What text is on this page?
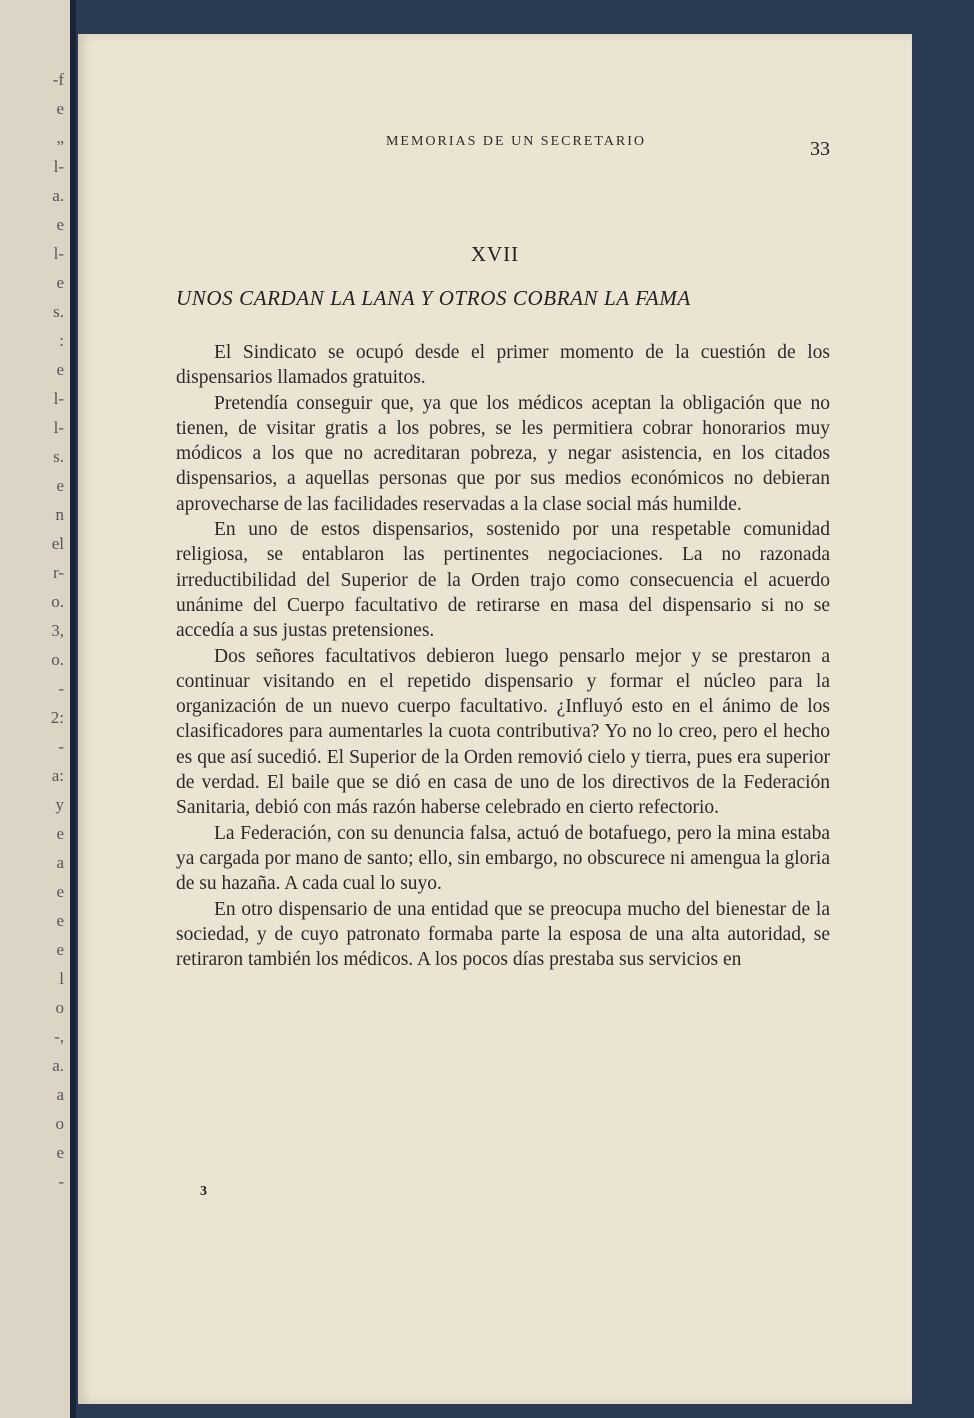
-f
e
„
l-
a.
e
l-
e
s.
:
e
l-
l-
s.
e
n
el
r-
o.
3,
o.
-
2:
-
a:
y
e
a
e
e
e
l
o
-,
a.
a
o
e
-
MEMORIAS DE UN SECRETARIO	33
XVII
UNOS CARDAN LA LANA Y OTROS COBRAN LA FAMA

El Sindicato se ocupó desde el primer momento de la cuestión de los dispensarios llamados gratuitos.

Pretendía conseguir que, ya que los médicos aceptan la obligación que no tienen, de visitar gratis a los pobres, se les permitiera cobrar honorarios muy módicos a los que no acreditaran pobreza, y negar asistencia, en los citados dispensarios, a aquellas personas que por sus medios económicos no debieran aprovecharse de las facilidades reservadas a la clase social más humilde.

En uno de estos dispensarios, sostenido por una respetable comunidad religiosa, se entablaron las pertinentes negociaciones. La no razonada irreductibilidad del Superior de la Orden trajo como consecuencia el acuerdo unánime del Cuerpo facultativo de retirarse en masa del dispensario si no se accedía a sus justas pretensiones.

Dos señores facultativos debieron luego pensarlo mejor y se prestaron a continuar visitando en el repetido dispensario y formar el núcleo para la organización de un nuevo cuerpo facultativo. ¿Influyó esto en el ánimo de los clasificadores para aumentarles la cuota contributiva? Yo no lo creo, pero el hecho es que así sucedió. El Superior de la Orden removió cielo y tierra, pues era superior de verdad. El baile que se dió en casa de uno de los directivos de la Federación Sanitaria, debió con más razón haberse celebrado en cierto refectorio.

La Federación, con su denuncia falsa, actuó de botafuego, pero la mina estaba ya cargada por mano de santo; ello, sin embargo, no obscurece ni amengua la gloria de su hazaña. A cada cual lo suyo.

En otro dispensario de una entidad que se preocupa mucho del bienestar de la sociedad, y de cuyo patronato formaba parte la esposa de una alta autoridad, se retiraron también los médicos. A los pocos días prestaba sus servicios en

3
